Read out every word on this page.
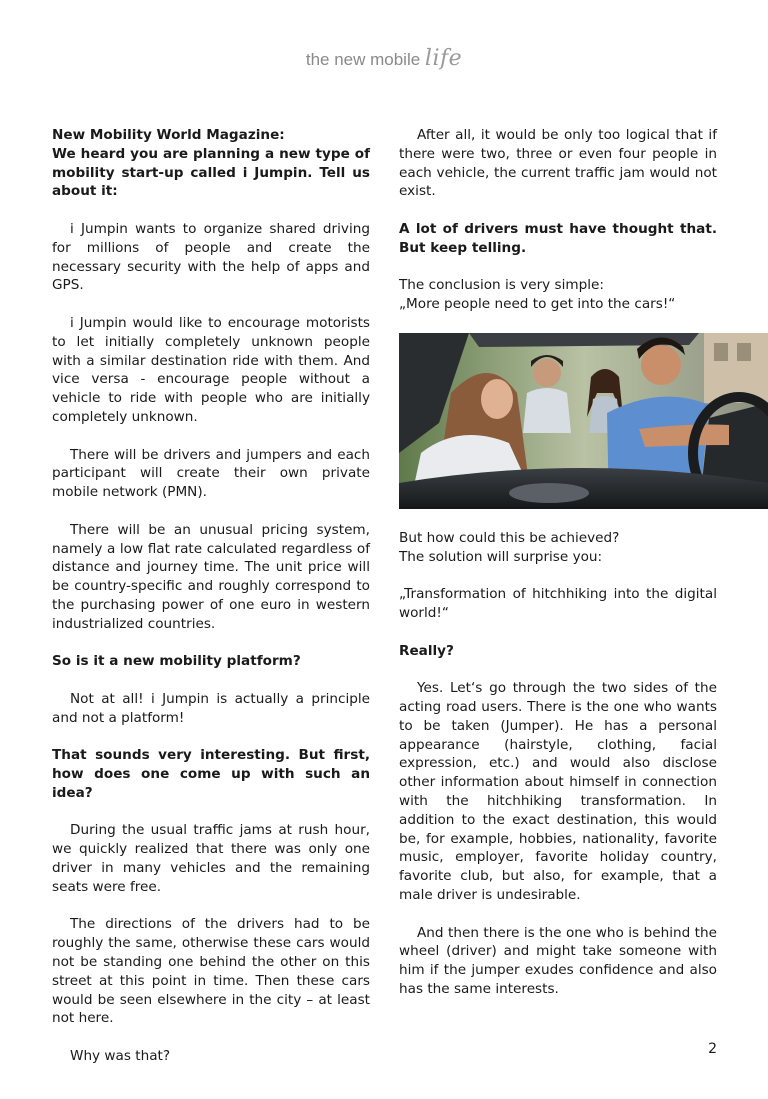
the new mobile life

New Mobility World Magazine:

We heard you are planning a new type of mobility start-up called i Jumpin. Tell us about it:

i Jumpin wants to organize shared driving for millions of people and create the necessary security with the help of apps and GPS.

i Jumpin would like to encourage motorists to let initially completely unknown people with a similar destination ride with them. And vice versa - encourage people without a vehicle to ride with people who are initially completely unknown.

There will be drivers and jumpers and each participant will create their own private mobile network (PMN).

There will be an unusual pricing system, namely a low flat rate calculated regardless of distance and journey time. The unit price will be country-specific and roughly correspond to the purchasing power of one euro in western industrialized countries.

So is it a new mobility platform?

Not at all! i Jumpin is actually a principle and not a platform!

That sounds very interesting. But first, how does one come up with such an idea?

During the usual traffic jams at rush hour, we quickly realized that there was only one driver in many vehicles and the remaining seats were free.

The directions of the drivers had to be roughly the same, otherwise these cars would not be standing one behind the other on this street at this point in time. Then these cars would be seen elsewhere in the city – at least not here.

Why was that?

After all, it would be only too logical that if there were two, three or even four people in each vehicle, the current traffic jam would not exist.

A lot of drivers must have thought that. But keep telling.

The conclusion is very simple:
„More people need to get into the cars!“

But how could this be achieved?
The solution will surprise you:

„Transformation of hitchhiking into the digital world!“

Really?

Yes. Let‘s go through the two sides of the acting road users. There is the one who wants to be taken (Jumper). He has a personal appearance (hairstyle, clothing, facial expression, etc.) and would also disclose other information about himself in connection with the hitchhiking transformation. In addition to the exact destination, this would be, for example, hobbies, nationality, favorite music, employer, favorite holiday country, favorite club, but also, for example, that a male driver is undesirable.

And then there is the one who is behind the wheel (driver) and might take someone with him if the jumper exudes confidence and also has the same interests.

2
